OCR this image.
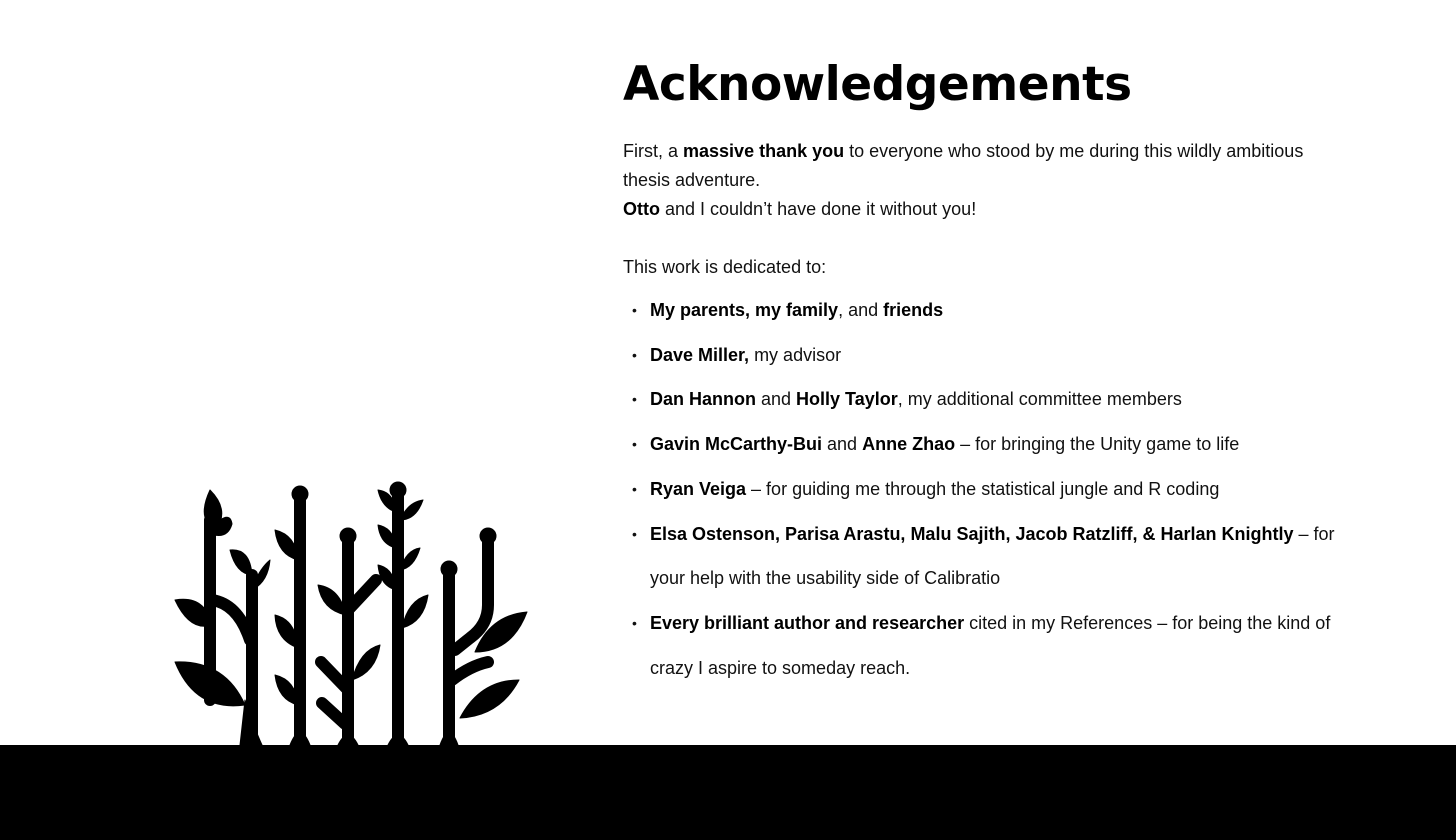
Acknowledgements

First, a massive thank you to everyone who stood by me during this wildly ambitious thesis adventure.
Otto and I couldn’t have done it without you!

This work is dedicated to:

• My parents, my family, and friends
• Dave Miller, my advisor
• Dan Hannon and Holly Taylor, my additional committee members
• Gavin McCarthy-Bui and Anne Zhao – for bringing the Unity game to life
• Ryan Veiga – for guiding me through the statistical jungle and R coding
• Elsa Ostenson, Parisa Arastu, Malu Sajith, Jacob Ratzliff, & Harlan Knightly – for your help with the usability side of Calibratio
• Every brilliant author and researcher cited in my References – for being the kind of crazy I aspire to someday reach.
